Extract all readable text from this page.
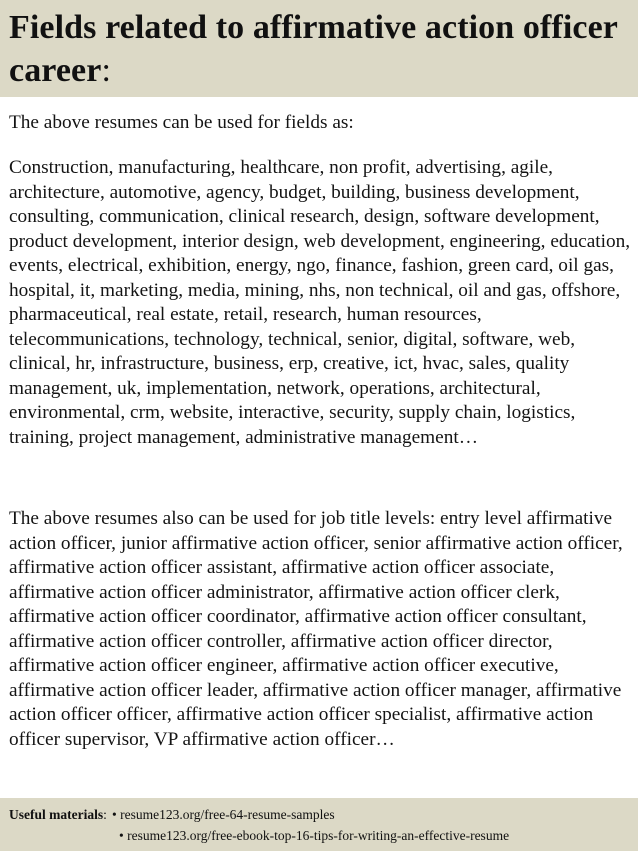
Fields related to affirmative action officer career:

The above resumes can be used for fields as:

Construction, manufacturing, healthcare, non profit, advertising, agile, architecture, automotive, agency, budget, building, business development, consulting, communication, clinical research, design, software development, product development, interior design, web development, engineering, education, events, electrical, exhibition, energy, ngo, finance, fashion, green card, oil gas, hospital, it, marketing, media, mining, nhs, non technical, oil and gas, offshore, pharmaceutical, real estate, retail, research, human resources, telecommunications, technology, technical, senior, digital, software, web, clinical, hr, infrastructure, business, erp, creative, ict, hvac, sales, quality management, uk, implementation, network, operations, architectural, environmental, crm, website, interactive, security, supply chain, logistics, training, project management, administrative management…

The above resumes also can be used for job title levels: entry level affirmative action officer, junior affirmative action officer, senior affirmative action officer, affirmative action officer assistant, affirmative action officer associate, affirmative action officer administrator, affirmative action officer clerk, affirmative action officer coordinator, affirmative action officer consultant, affirmative action officer controller, affirmative action officer director, affirmative action officer engineer, affirmative action officer executive, affirmative action officer leader, affirmative action officer manager, affirmative action officer officer, affirmative action officer specialist, affirmative action officer supervisor, VP affirmative action officer…

Useful materials: • resume123.org/free-64-resume-samples
• resume123.org/free-ebook-top-16-tips-for-writing-an-effective-resume
